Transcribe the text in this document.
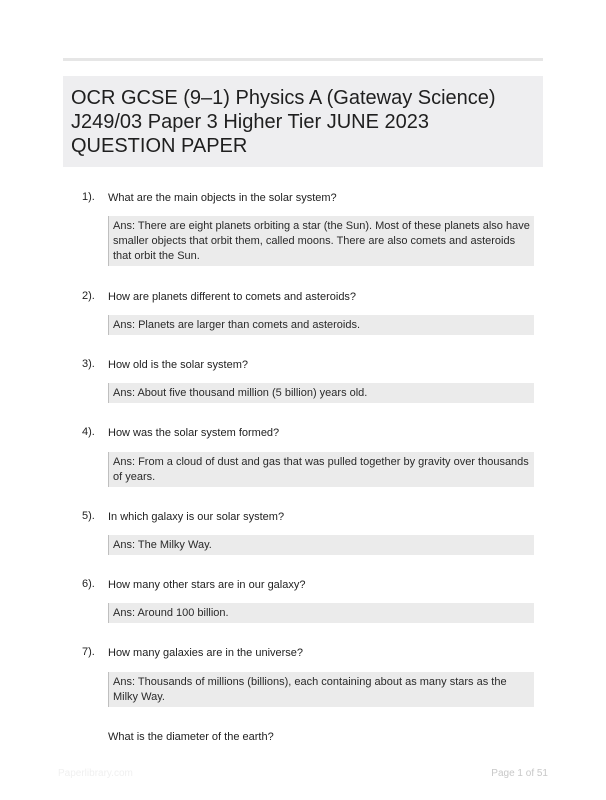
OCR GCSE (9–1) Physics A (Gateway Science) J249/03 Paper 3 Higher Tier JUNE 2023 QUESTION PAPER
1). What are the main objects in the solar system?
Ans: There are eight planets orbiting a star (the Sun). Most of these planets also have smaller objects that orbit them, called moons. There are also comets and asteroids that orbit the Sun.
2). How are planets different to comets and asteroids?
Ans: Planets are larger than comets and asteroids.
3). How old is the solar system?
Ans: About five thousand million (5 billion) years old.
4). How was the solar system formed?
Ans: From a cloud of dust and gas that was pulled together by gravity over thousands of years.
5). In which galaxy is our solar system?
Ans: The Milky Way.
6). How many other stars are in our galaxy?
Ans: Around 100 billion.
7). How many galaxies are in the universe?
Ans: Thousands of millions (billions), each containing about as many stars as the Milky Way.
What is the diameter of the earth?
Paperlibrary.com	Page 1 of 51
